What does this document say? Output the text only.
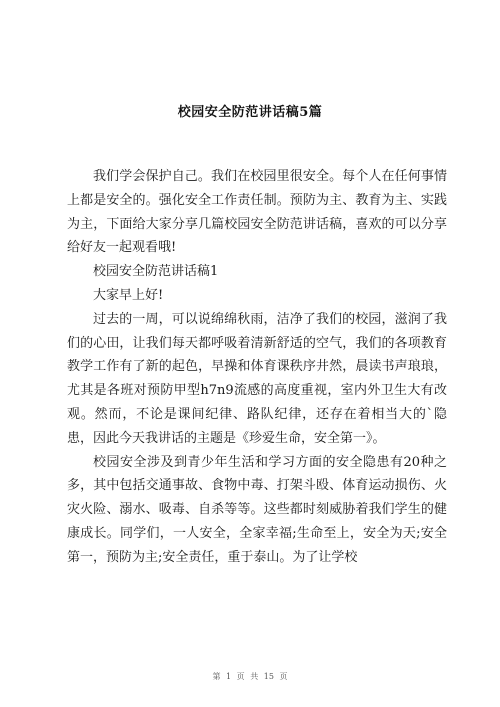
校园安全防范讲话稿5篇

我们学会保护自己。我们在校园里很安全。每个人在任何事情上都是安全的。强化安全工作责任制。预防为主、教育为主、实践为主，下面给大家分享几篇校园安全防范讲话稿，喜欢的可以分享给好友一起观看哦!

校园安全防范讲话稿1

大家早上好!

过去的一周，可以说绵绵秋雨，洁净了我们的校园，滋润了我们的心田，让我们每天都呼吸着清新舒适的空气，我们的各项教育教学工作有了新的起色，早操和体育课秩序井然，晨读书声琅琅，尤其是各班对预防甲型h7n9流感的高度重视，室内外卫生大有改观。然而，不论是课间纪律、路队纪律，还存在着相当大的`隐患，因此今天我讲话的主题是《珍爱生命，安全第一》。

校园安全涉及到青少年生活和学习方面的安全隐患有20种之多，其中包括交通事故、食物中毒、打架斗殴、体育运动损伤、火灾火险、溺水、吸毒、自杀等等。这些都时刻威胁着我们学生的健康成长。同学们，一人安全，全家幸福;生命至上，安全为天;安全第一，预防为主;安全责任，重于泰山。为了让学校

第 1 页 共 15 页
